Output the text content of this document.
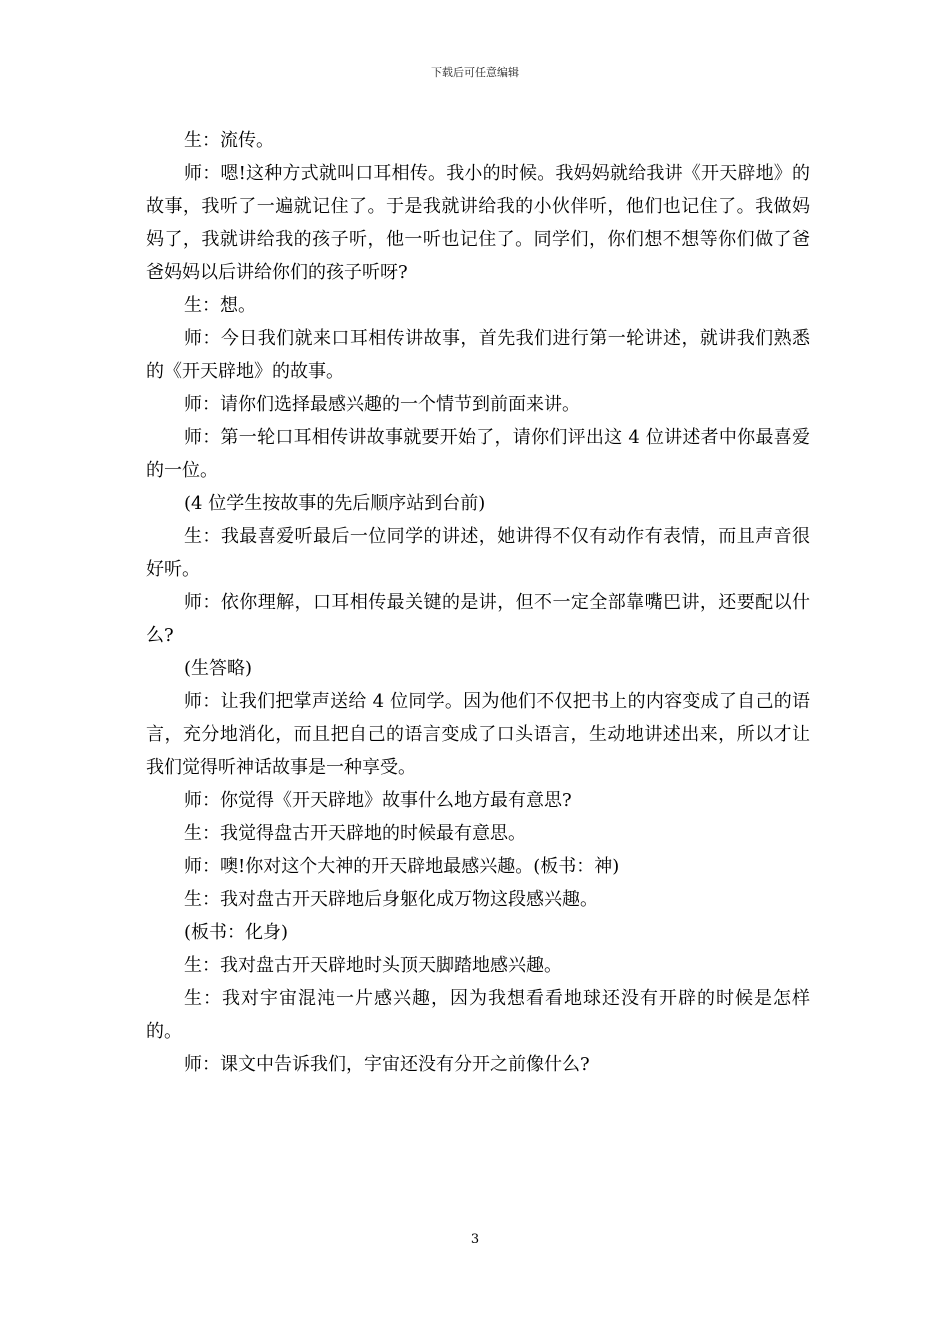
下载后可任意编辑

生：流传。

师：嗯!这种方式就叫口耳相传。我小的时候。我妈妈就给我讲《开天辟地》的故事，我听了一遍就记住了。于是我就讲给我的小伙伴听，他们也记住了。我做妈妈了，我就讲给我的孩子听，他一听也记住了。同学们，你们想不想等你们做了爸爸妈妈以后讲给你们的孩子听呀?

生：想。

师：今日我们就来口耳相传讲故事，首先我们进行第一轮讲述，就讲我们熟悉的《开天辟地》的故事。

师：请你们选择最感兴趣的一个情节到前面来讲。

师：第一轮口耳相传讲故事就要开始了，请你们评出这 4 位讲述者中你最喜爱的一位。

(4 位学生按故事的先后顺序站到台前)

生：我最喜爱听最后一位同学的讲述，她讲得不仅有动作有表情，而且声音很好听。

师：依你理解，口耳相传最关键的是讲，但不一定全部靠嘴巴讲，还要配以什么?

(生答略)

师：让我们把掌声送给 4 位同学。因为他们不仅把书上的内容变成了自己的语言，充分地消化，而且把自己的语言变成了口头语言，生动地讲述出来，所以才让我们觉得听神话故事是一种享受。

师：你觉得《开天辟地》故事什么地方最有意思?

生：我觉得盘古开天辟地的时候最有意思。

师：噢!你对这个大神的开天辟地最感兴趣。(板书：神)

生：我对盘古开天辟地后身躯化成万物这段感兴趣。

(板书：化身)

生：我对盘古开天辟地时头顶天脚踏地感兴趣。

生：我对宇宙混沌一片感兴趣，因为我想看看地球还没有开辟的时候是怎样的。

师：课文中告诉我们，宇宙还没有分开之前像什么?

3
